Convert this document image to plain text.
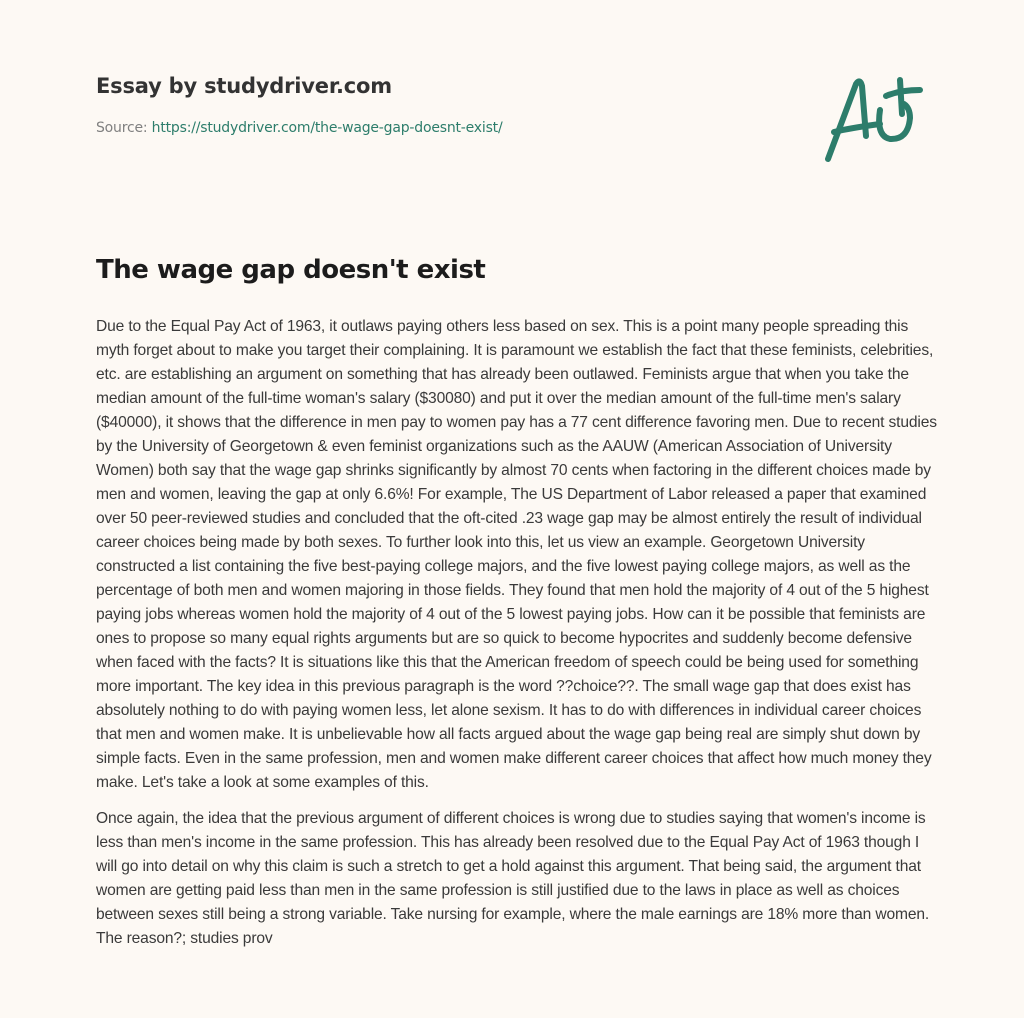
Essay by studydriver.com
Source: https://studydriver.com/the-wage-gap-doesnt-exist/
The wage gap doesn't exist

Due to the Equal Pay Act of 1963, it outlaws paying others less based on sex. This is a point many people spreading this myth forget about to make you target their complaining. It is paramount we establish the fact that these feminists, celebrities, etc. are establishing an argument on something that has already been outlawed. Feminists argue that when you take the median amount of the full-time woman's salary ($30080) and put it over the median amount of the full-time men's salary ($40000), it shows that the difference in men pay to women pay has a 77 cent difference favoring men. Due to recent studies by the University of Georgetown & even feminist organizations such as the AAUW (American Association of University Women) both say that the wage gap shrinks significantly by almost 70 cents when factoring in the different choices made by men and women, leaving the gap at only 6.6%! For example, The US Department of Labor released a paper that examined over 50 peer-reviewed studies and concluded that the oft-cited .23 wage gap may be almost entirely the result of individual career choices being made by both sexes. To further look into this, let us view an example. Georgetown University constructed a list containing the five best-paying college majors, and the five lowest paying college majors, as well as the percentage of both men and women majoring in those fields. They found that men hold the majority of 4 out of the 5 highest paying jobs whereas women hold the majority of 4 out of the 5 lowest paying jobs. How can it be possible that feminists are ones to propose so many equal rights arguments but are so quick to become hypocrites and suddenly become defensive when faced with the facts? It is situations like this that the American freedom of speech could be being used for something more important. The key idea in this previous paragraph is the word ??choice??. The small wage gap that does exist has absolutely nothing to do with paying women less, let alone sexism. It has to do with differences in individual career choices that men and women make. It is unbelievable how all facts argued about the wage gap being real are simply shut down by simple facts. Even in the same profession, men and women make different career choices that affect how much money they make. Let's take a look at some examples of this.

Once again, the idea that the previous argument of different choices is wrong due to studies saying that women's income is less than men's income in the same profession. This has already been resolved due to the Equal Pay Act of 1963 though I will go into detail on why this claim is such a stretch to get a hold against this argument. That being said, the argument that women are getting paid less than men in the same profession is still justified due to the laws in place as well as choices between sexes still being a strong variable. Take nursing for example, where the male earnings are 18% more than women. The reason?; studies prov
